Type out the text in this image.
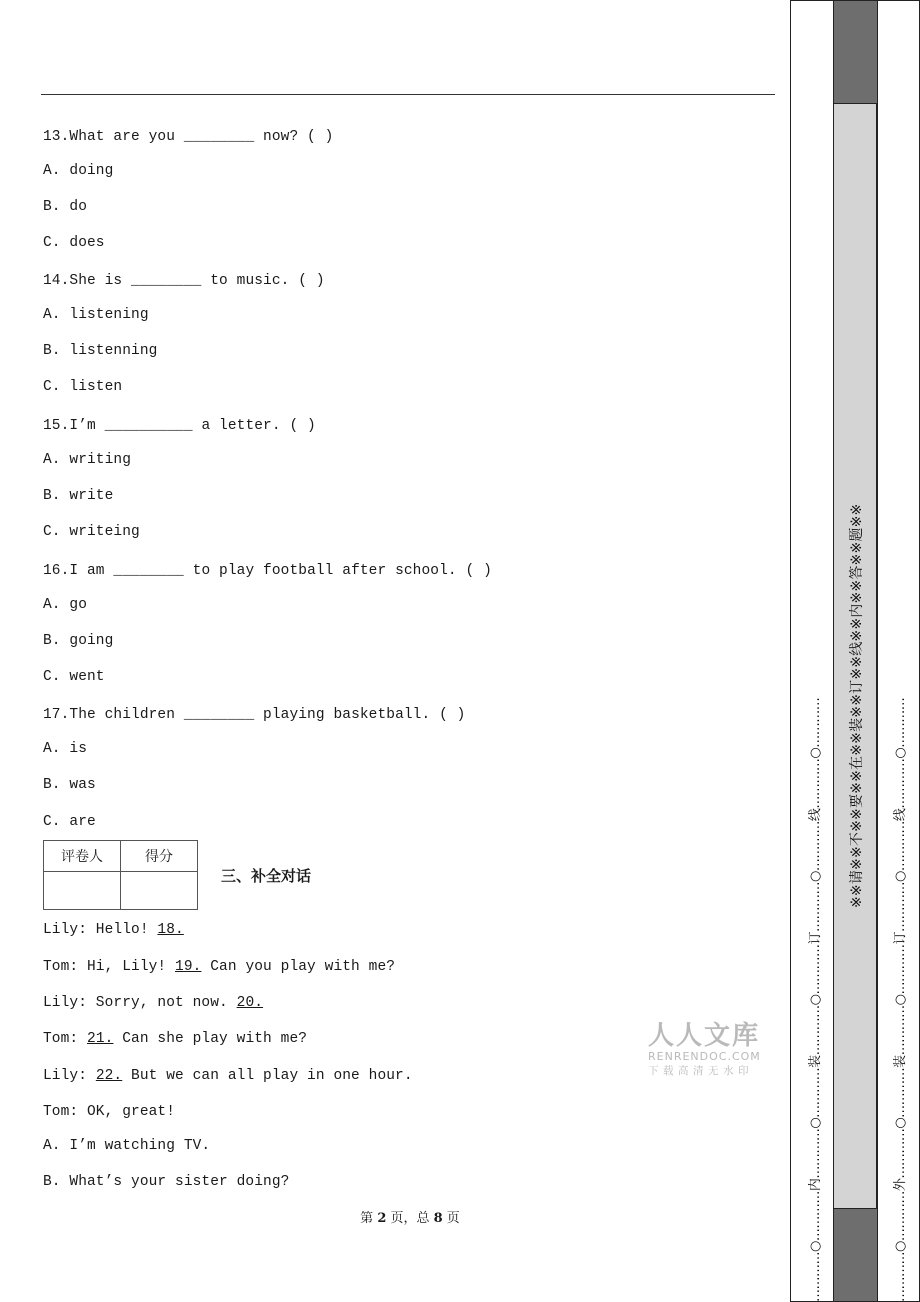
13.What are you ________ now? ( )
A. doing
B. do
C. does
14.She is ________ to music. ( )
A. listening
B. listenning
C. listen
15.I’m __________ a letter. ( )
A. writing
B. write
C. writeing
16.I am ________ to play football after school. ( )
A. go
B. going
C. went
17.The children ________ playing basketball. ( )
A. is
B. was
C. are
评卷人	得分

三、补全对话
Lily: Hello! 18.
Tom: Hi, Lily! 19. Can you play with me?
Lily: Sorry, not now. 20.
Tom: 21. Can she play with me?
Lily: 22. But we can all play in one hour.
Tom: OK, great!
A. I’m watching TV.
B. What’s your sister doing?
人人文库
RENRENDOC.COM
下载高清无水印
第 2 页，总 8 页	…………○…………内…………○…………装…………○…………订…………○…………线…………○………… ※※请※※不※※要※※在※※装※※订※※线※※内※※答※※题※※	…………○…………外…………○…………装…………○…………订…………○…………线…………○…………
